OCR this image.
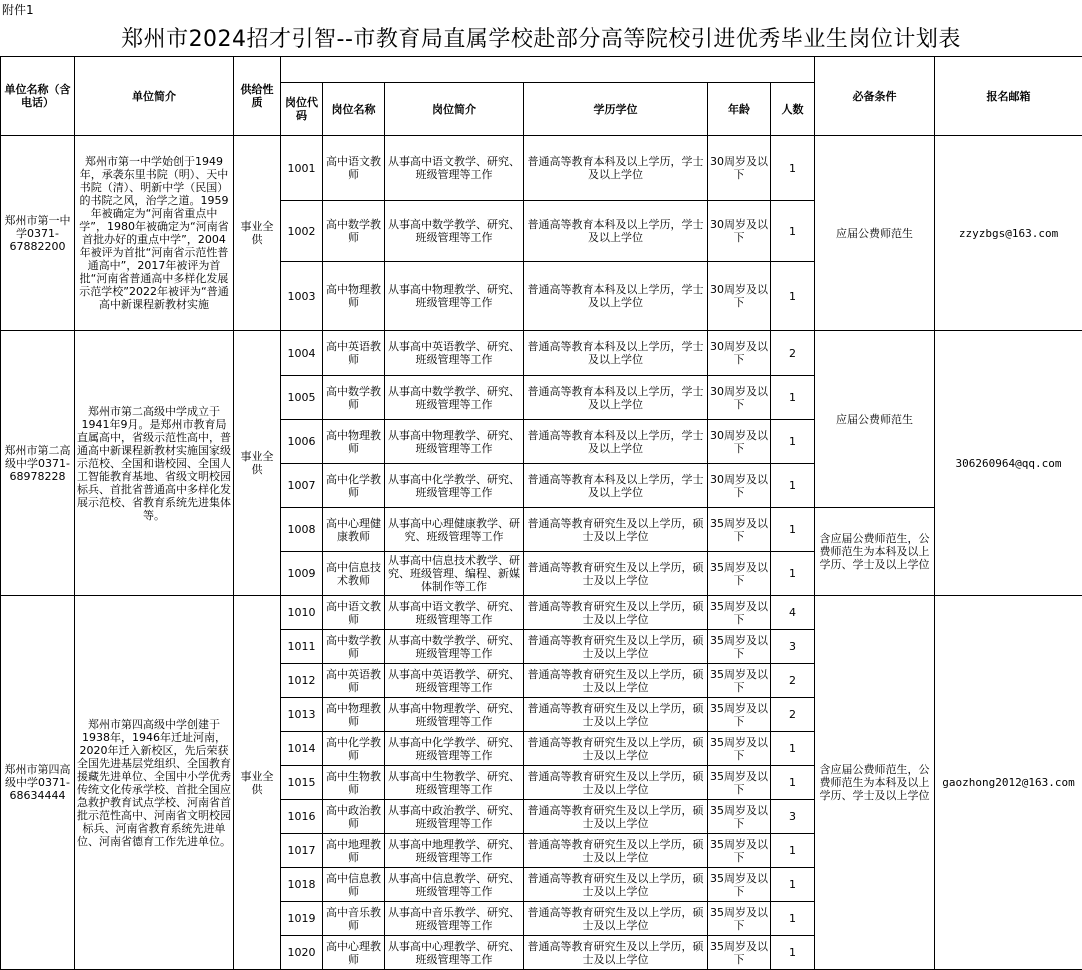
附件1
郑州市2024招才引智--市教育局直属学校赴部分高等院校引进优秀毕业生岗位计划表
单位名称（含电话）	单位简介	供给性质							必备条件	报名邮箱
			岗位代码	岗位名称	岗位简介	学历学位	年龄	人数		
郑州市第一中学0371-67882200	郑州市第一中学始创于1949年，承袭东里书院（明）、天中书院（清）、明新中学（民国）的书院之风，治学之道。1959年被确定为“河南省重点中学”，1980年被确定为“河南省首批办好的重点中学”，2004年被评为首批“河南省示范性普通高中”，2017年被评为首批“河南省普通高中多样化发展示范学校”2022年被评为“普通高中新课程新教材实施	事业全供	1001	高中语文教师	从事高中语文教学、研究、班级管理等工作	普通高等教育本科及以上学历，学士及以上学位	30周岁及以下	1	应届公费师范生	zzyzbgs@163.com
			1002	高中数学教师	从事高中数学教学、研究、班级管理等工作	普通高等教育本科及以上学历，学士及以上学位	30周岁及以下	1		
			1003	高中物理教师	从事高中物理教学、研究、班级管理等工作	普通高等教育本科及以上学历，学士及以上学位	30周岁及以下	1		
郑州市第二高级中学0371-68978228	郑州市第二高级中学成立于1941年9月。是郑州市教育局直属高中，省级示范性高中，普通高中新课程新教材实施国家级示范校、全国和谐校园、全国人工智能教育基地、省级文明校园标兵、首批省普通高中多样化发展示范校、省教育系统先进集体等。	事业全供	1004	高中英语教师	从事高中英语教学、研究、班级管理等工作	普通高等教育本科及以上学历，学士及以上学位	30周岁及以下	2	应届公费师范生	306260964@qq.com
			1005	高中数学教师	从事高中数学教学、研究、班级管理等工作	普通高等教育本科及以上学历，学士及以上学位	30周岁及以下	1		
			1006	高中物理教师	从事高中物理教学、研究、班级管理等工作	普通高等教育本科及以上学历，学士及以上学位	30周岁及以下	1		
			1007	高中化学教师	从事高中化学教学、研究、班级管理等工作	普通高等教育本科及以上学历，学士及以上学位	30周岁及以下	1		
			1008	高中心理健康教师	从事高中心理健康教学、研究、班级管理等工作	普通高等教育研究生及以上学历，硕士及以上学位	35周岁及以下	1	含应届公费师范生，公费师范生为本科及以上学历、学士及以上学位	
			1009	高中信息技术教师	从事高中信息技术教学、研究、班级管理、编程、新媒体制作等工作	普通高等教育研究生及以上学历，硕士及以上学位	35周岁及以下	1		
郑州市第四高级中学0371-68634444	郑州市第四高级中学创建于1938年，1946年迁址河南，2020年迁入新校区，先后荣获全国先进基层党组织、全国教育援藏先进单位、全国中小学优秀传统文化传承学校、首批全国应急救护教育试点学校、河南省首批示范性高中、河南省文明校园标兵、河南省教育系统先进单位、河南省德育工作先进单位。	事业全供	1010	高中语文教师	从事高中语文教学、研究、班级管理等工作	普通高等教育研究生及以上学历，硕士及以上学位	35周岁及以下	4	含应届公费师范生，公费师范生为本科及以上学历、学士及以上学位	gaozhong2012@163.com
			1011	高中数学教师	从事高中数学教学、研究、班级管理等工作	普通高等教育研究生及以上学历，硕士及以上学位	35周岁及以下	3		
			1012	高中英语教师	从事高中英语教学、研究、班级管理等工作	普通高等教育研究生及以上学历，硕士及以上学位	35周岁及以下	2		
			1013	高中物理教师	从事高中物理教学、研究、班级管理等工作	普通高等教育研究生及以上学历，硕士及以上学位	35周岁及以下	2		
			1014	高中化学教师	从事高中化学教学、研究、班级管理等工作	普通高等教育研究生及以上学历，硕士及以上学位	35周岁及以下	1		
			1015	高中生物教师	从事高中生物教学、研究、班级管理等工作	普通高等教育研究生及以上学历，硕士及以上学位	35周岁及以下	1		
			1016	高中政治教师	从事高中政治教学、研究、班级管理等工作	普通高等教育研究生及以上学历，硕士及以上学位	35周岁及以下	3		
			1017	高中地理教师	从事高中地理教学、研究、班级管理等工作	普通高等教育研究生及以上学历，硕士及以上学位	35周岁及以下	1		
			1018	高中信息教师	从事高中信息教学、研究、班级管理等工作	普通高等教育研究生及以上学历，硕士及以上学位	35周岁及以下	1		
			1019	高中音乐教师	从事高中音乐教学、研究、班级管理等工作	普通高等教育研究生及以上学历，硕士及以上学位	35周岁及以下	1		
			1020	高中心理教师	从事高中心理教学、研究、班级管理等工作	普通高等教育研究生及以上学历，硕士及以上学位	35周岁及以下	1		
